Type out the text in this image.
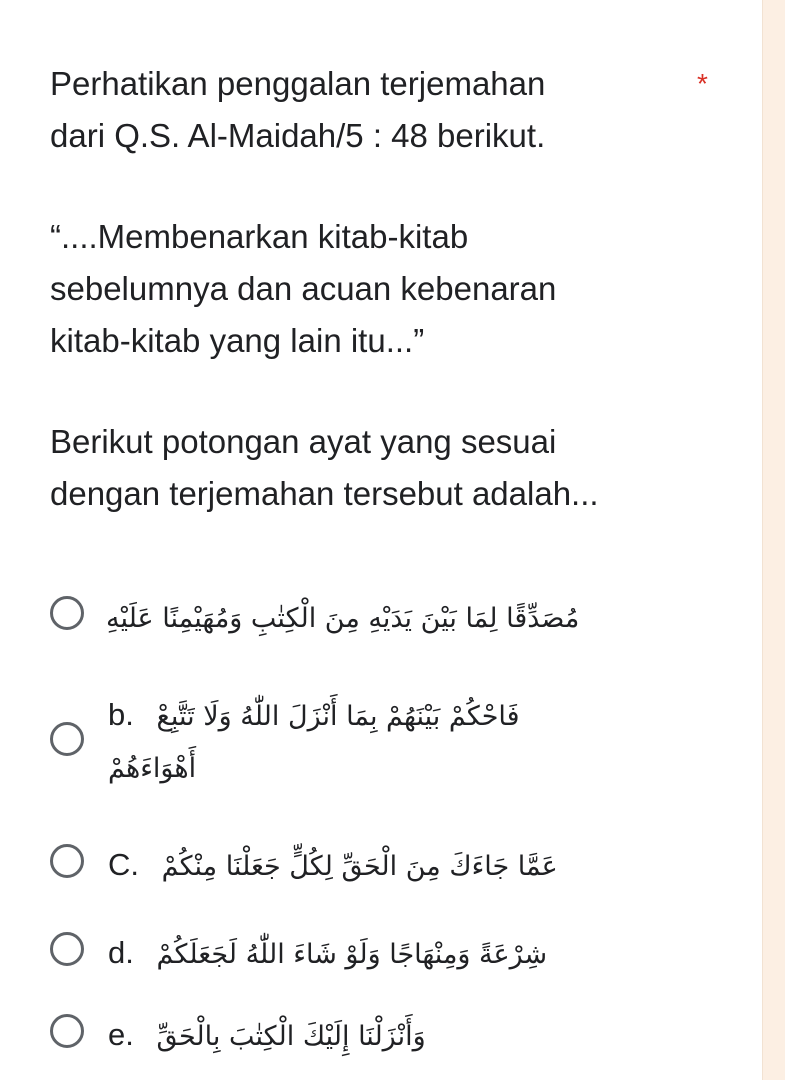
Perhatikan penggalan terjemahan

dari Q.S. Al-Maidah/5 : 48 berikut.

“....Membenarkan kitab-kitab

sebelumnya dan acuan kebenaran

kitab-kitab yang lain itu...”

Berikut potongan ayat yang sesuai

dengan terjemahan tersebut adalah...

*
مُصَدِّقًا لِمَا بَيْنَ يَدَيْهِ مِنَ الْكِتٰبِ وَمُهَيْمِنًا عَلَيْهِ
b. فَاحْكُمْ بَيْنَهُمْ بِمَا أَنْزَلَ اللّٰهُ وَلَا تَتَّبِعْ
أَهْوَاءَهُمْ
C. عَمَّا جَاءَكَ مِنَ الْحَقِّ لِكُلٍّ جَعَلْنَا مِنْكُمْ
d. شِرْعَةً وَمِنْهَاجًا وَلَوْ شَاءَ اللّٰهُ لَجَعَلَكُمْ
e. وَأَنْزَلْنَا إِلَيْكَ الْكِتٰبَ بِالْحَقِّ
